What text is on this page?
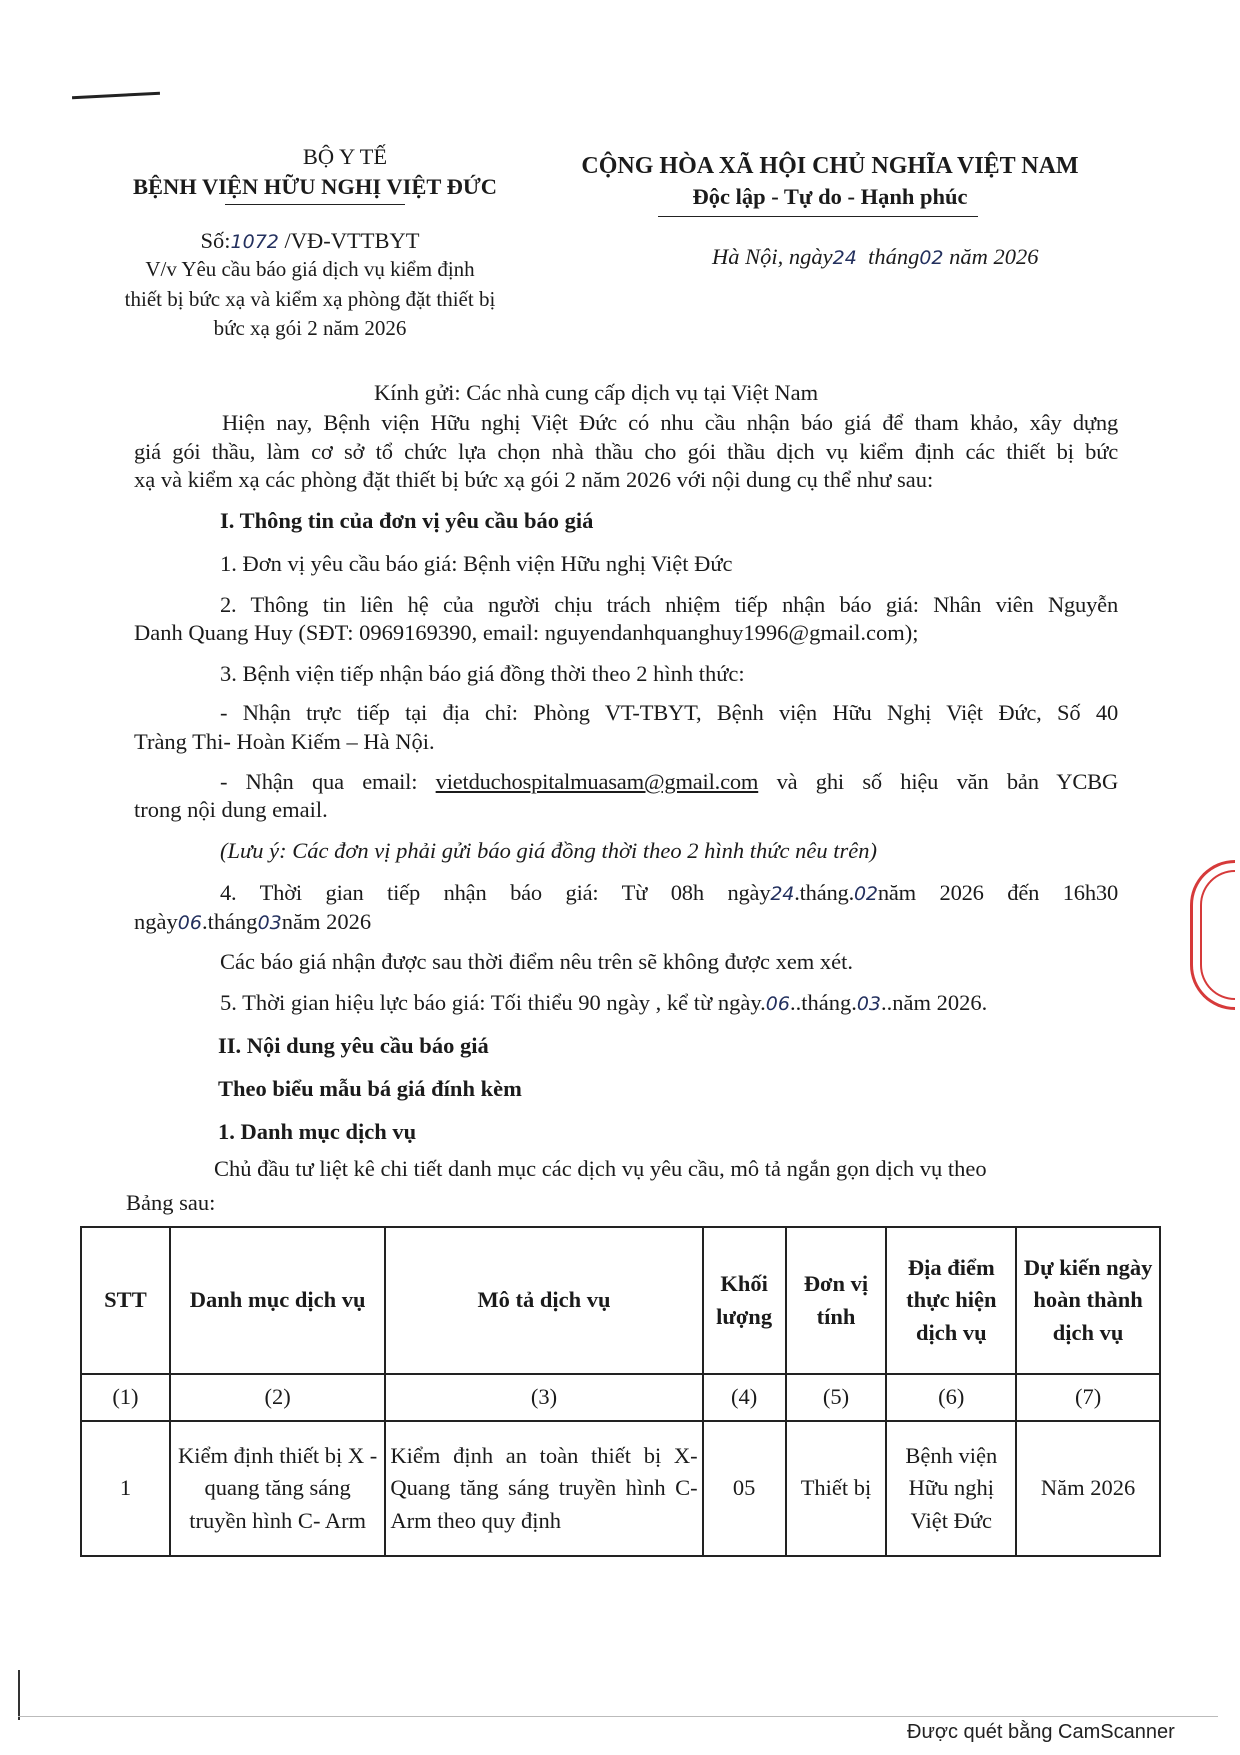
BỘ Y TẾ
BỆNH VIỆN HỮU NGHỊ VIỆT ĐỨC
Số:1072 /VĐ-VTTBYT
V/v Yêu cầu báo giá dịch vụ kiểm định
thiết bị bức xạ và kiểm xạ phòng đặt thiết bị
bức xạ gói 2 năm 2026
CỘNG HÒA XÃ HỘI CHỦ NGHĨA VIỆT NAM
Độc lập - Tự do - Hạnh phúc
Hà Nội, ngày24 tháng02 năm 2026
Kính gửi: Các nhà cung cấp dịch vụ tại Việt Nam
Hiện nay, Bệnh viện Hữu nghị Việt Đức có nhu cầu nhận báo giá để tham khảo, xây dựng
giá gói thầu, làm cơ sở tổ chức lựa chọn nhà thầu cho gói thầu dịch vụ kiểm định các thiết bị bức
xạ và kiểm xạ các phòng đặt thiết bị bức xạ gói 2 năm 2026 với nội dung cụ thể như sau:
I. Thông tin của đơn vị yêu cầu báo giá
1. Đơn vị yêu cầu báo giá: Bệnh viện Hữu nghị Việt Đức
2. Thông tin liên hệ của người chịu trách nhiệm tiếp nhận báo giá: Nhân viên Nguyễn
Danh Quang Huy (SĐT: 0969169390, email: nguyendanhquanghuy1996@gmail.com);
3. Bệnh viện tiếp nhận báo giá đồng thời theo 2 hình thức:
- Nhận trực tiếp tại địa chỉ: Phòng VT-TBYT, Bệnh viện Hữu Nghị Việt Đức, Số 40
Tràng Thi- Hoàn Kiếm – Hà Nội.
- Nhận qua email: vietduchospitalmuasam@gmail.com và ghi số hiệu văn bản YCBG
trong nội dung email.
(Lưu ý: Các đơn vị phải gửi báo giá đồng thời theo 2 hình thức nêu trên)
4. Thời gian tiếp nhận báo giá: Từ 08h ngày24.tháng.02năm 2026 đến 16h30
ngày06.tháng03năm 2026
Các báo giá nhận được sau thời điểm nêu trên sẽ không được xem xét.
5. Thời gian hiệu lực báo giá: Tối thiểu 90 ngày , kể từ ngày.06..tháng.03..năm 2026.
II. Nội dung yêu cầu báo giá
Theo biểu mẫu bá giá đính kèm
1. Danh mục dịch vụ
Chủ đầu tư liệt kê chi tiết danh mục các dịch vụ yêu cầu, mô tả ngắn gọn dịch vụ theo
Bảng sau:
STT	Danh mục dịch vụ	Mô tả dịch vụ	Khối lượng	Đơn vị tính	Địa điểm thực hiện dịch vụ	Dự kiến ngày hoàn thành dịch vụ
(1)	(2)	(3)	(4)	(5)	(6)	(7)
1	Kiểm định thiết bị X - quang tăng sáng truyền hình C- Arm	Kiểm định an toàn thiết bị X- Quang tăng sáng truyền hình C- Arm theo quy định	05	Thiết bị	Bệnh viện Hữu nghị Việt Đức	Năm 2026
Được quét bằng CamScanner
